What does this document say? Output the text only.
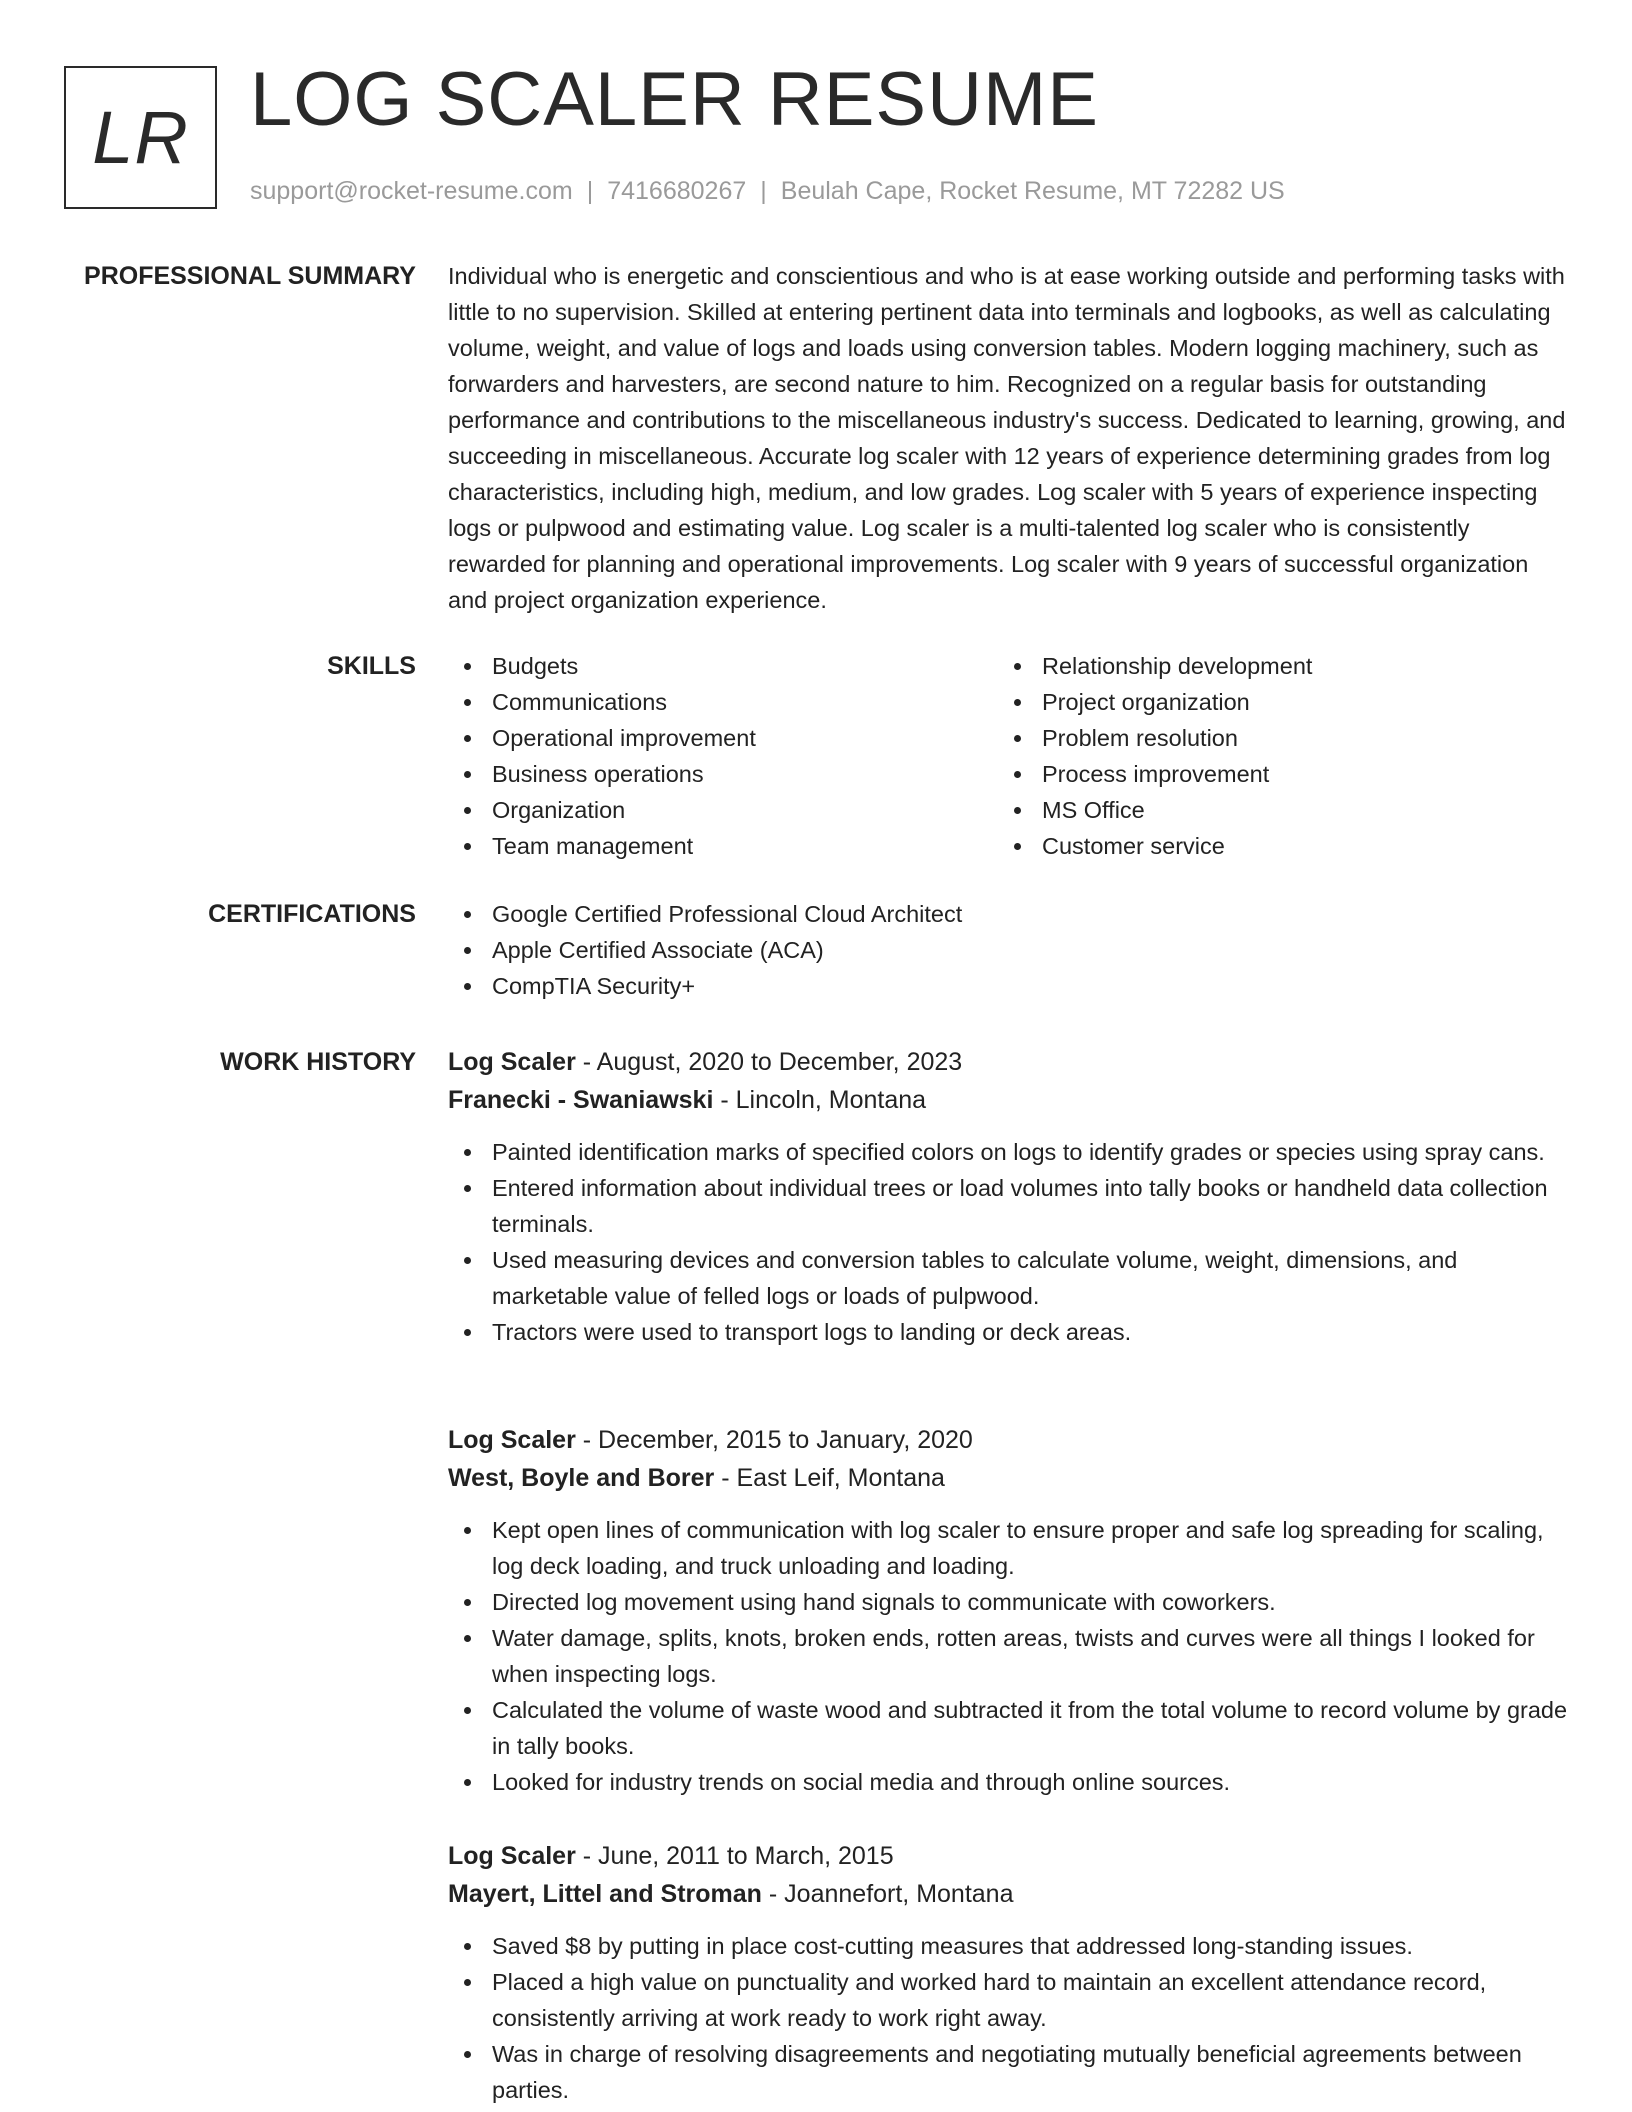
LR LOG SCALER RESUME
support@rocket-resume.com | 7416680267 | Beulah Cape, Rocket Resume, MT 72282 US
PROFESSIONAL SUMMARY Individual who is energetic and conscientious and who is at ease working outside and performing tasks with little to no supervision. Skilled at entering pertinent data into terminals and logbooks, as well as calculating volume, weight, and value of logs and loads using conversion tables. Modern logging machinery, such as forwarders and harvesters, are second nature to him. Recognized on a regular basis for outstanding performance and contributions to the miscellaneous industry's success. Dedicated to learning, growing, and succeeding in miscellaneous. Accurate log scaler with 12 years of experience determining grades from log characteristics, including high, medium, and low grades. Log scaler with 5 years of experience inspecting logs or pulpwood and estimating value. Log scaler is a multi-talented log scaler who is consistently rewarded for planning and operational improvements. Log scaler with 9 years of successful organization and project organization experience.

SKILLS	Budgets
Communications
Operational improvement
Business operations
Organization
Team management
Relationship development
Project organization
Problem resolution
Process improvement
MS Office
Customer service
CERTIFICATIONS	Google Certified Professional Cloud Architect
Apple Certified Associate (ACA)
CompTIA Security+
WORK HISTORY Log Scaler - August, 2020 to December, 2023
Franecki - Swaniawski - Lincoln, Montana
Painted identification marks of specified colors on logs to identify grades or species using spray cans.
Entered information about individual trees or load volumes into tally books or handheld data collection terminals.
Used measuring devices and conversion tables to calculate volume, weight, dimensions, and marketable value of felled logs or loads of pulpwood.
Tractors were used to transport logs to landing or deck areas.
Log Scaler - December, 2015 to January, 2020
West, Boyle and Borer - East Leif, Montana
Kept open lines of communication with log scaler to ensure proper and safe log spreading for scaling, log deck loading, and truck unloading and loading.
Directed log movement using hand signals to communicate with coworkers.
Water damage, splits, knots, broken ends, rotten areas, twists and curves were all things I looked for when inspecting logs.
Calculated the volume of waste wood and subtracted it from the total volume to record volume by grade in tally books.
Looked for industry trends on social media and through online sources.
Log Scaler - June, 2011 to March, 2015
Mayert, Littel and Stroman - Joannefort, Montana
Saved $8 by putting in place cost-cutting measures that addressed long-standing issues.
Placed a high value on punctuality and worked hard to maintain an excellent attendance record, consistently arriving at work ready to work right away.
Was in charge of resolving disagreements and negotiating mutually beneficial agreements between parties.
